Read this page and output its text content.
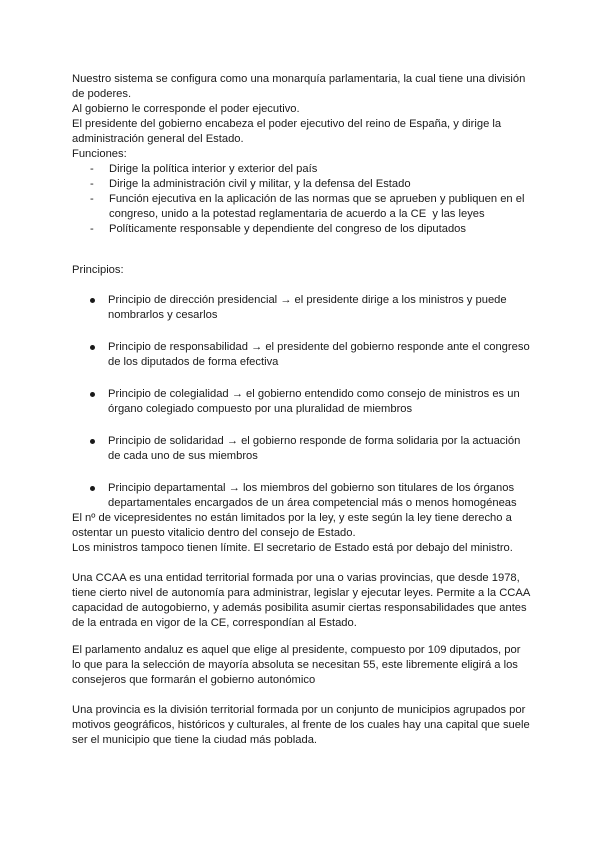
Nuestro sistema se configura como una monarquía parlamentaria, la cual tiene una división
de poderes.
Al gobierno le corresponde el poder ejecutivo.
El presidente del gobierno encabeza el poder ejecutivo del reino de España, y dirige la
administración general del Estado.
Funciones:
- Dirige la política interior y exterior del país
- Dirige la administración civil y militar, y la defensa del Estado
- Función ejecutiva en la aplicación de las normas que se aprueben y publiquen en el
congreso, unido a la potestad reglamentaria de acuerdo a la CE  y las leyes
- Políticamente responsable y dependiente del congreso de los diputados
Principios:
Principio de dirección presidencial → el presidente dirige a los ministros y puede
nombrarlos y cesarlos
Principio de responsabilidad → el presidente del gobierno responde ante el congreso
de los diputados de forma efectiva
Principio de colegialidad → el gobierno entendido como consejo de ministros es un
órgano colegiado compuesto por una pluralidad de miembros
Principio de solidaridad → el gobierno responde de forma solidaria por la actuación
de cada uno de sus miembros
Principio departamental → los miembros del gobierno son titulares de los órganos
departamentales encargados de un área competencial más o menos homogéneas
El nº de vicepresidentes no están limitados por la ley, y este según la ley tiene derecho a
ostentar un puesto vitalicio dentro del consejo de Estado.
Los ministros tampoco tienen límite. El secretario de Estado está por debajo del ministro.
Una CCAA es una entidad territorial formada por una o varias provincias, que desde 1978,
tiene cierto nivel de autonomía para administrar, legislar y ejecutar leyes. Permite a la CCAA
capacidad de autogobierno, y además posibilita asumir ciertas responsabilidades que antes
de la entrada en vigor de la CE, correspondían al Estado.
El parlamento andaluz es aquel que elige al presidente, compuesto por 109 diputados, por
lo que para la selección de mayoría absoluta se necesitan 55, este libremente eligirá a los
consejeros que formarán el gobierno autonómico
Una provincia es la división territorial formada por un conjunto de municipios agrupados por
motivos geográficos, históricos y culturales, al frente de los cuales hay una capital que suele
ser el municipio que tiene la ciudad más poblada.
